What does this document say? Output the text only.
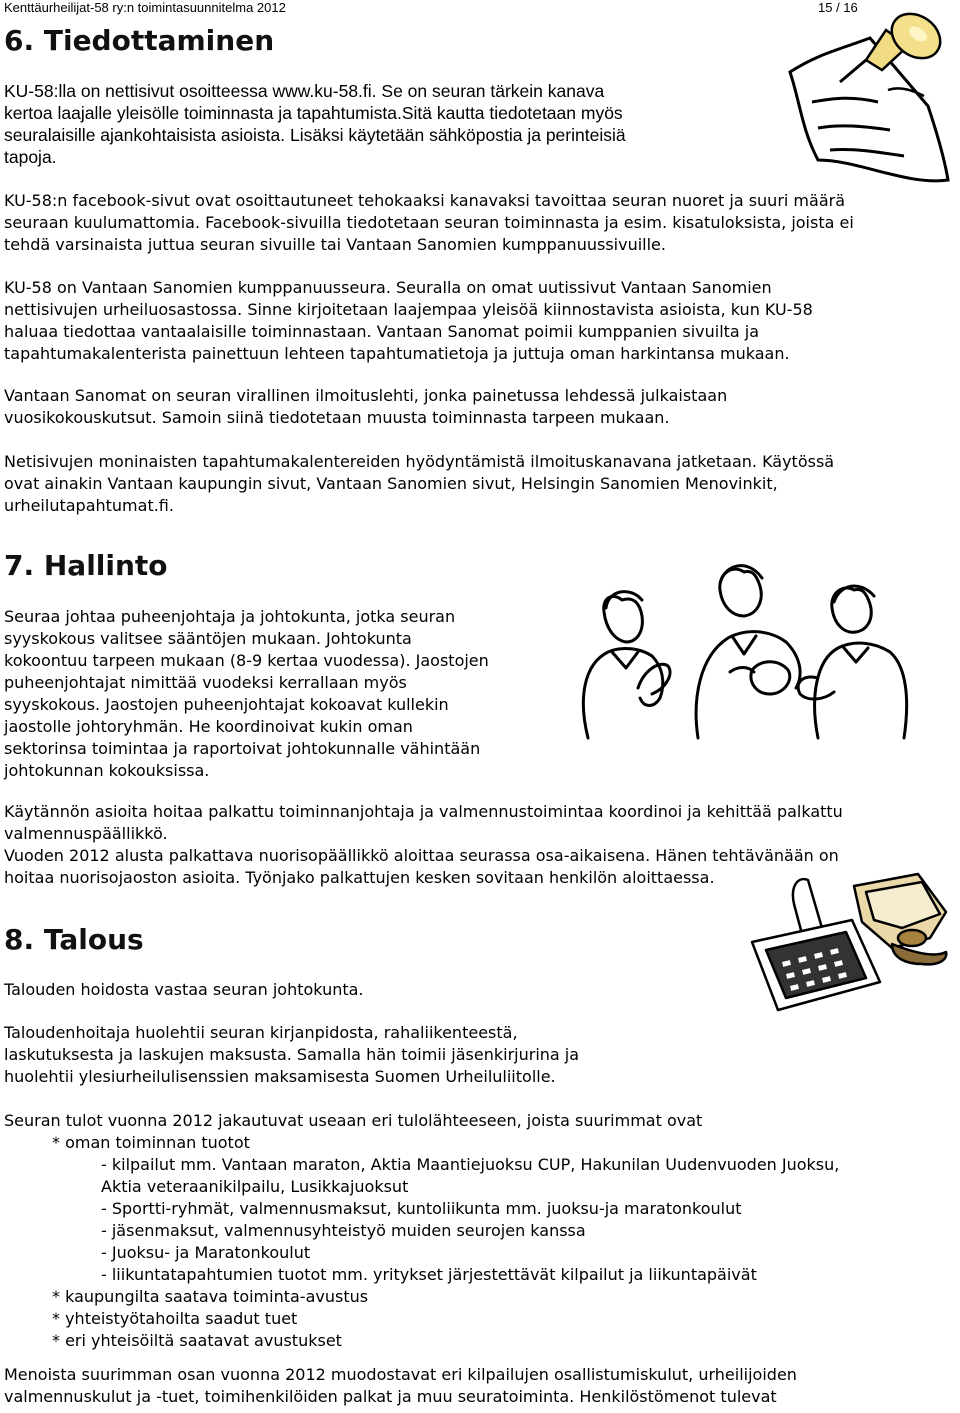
Kenttäurheilijat-58 ry:n toimintasuunnitelma 2012	15 / 16
6. Tiedottaminen

KU-58:lla on nettisivut osoitteessa www.ku-58.fi. Se on seuran tärkein kanava

kertoa laajalle yleisölle toiminnasta ja tapahtumista.Sitä kautta tiedotetaan myös

seuralaisille ajankohtaisista asioista. Lisäksi käytetään sähköpostia ja perinteisiä

tapoja.

KU-58:n facebook-sivut ovat osoittautuneet tehokaaksi kanavaksi tavoittaa seuran nuoret ja suuri määrä

seuraan kuulumattomia. Facebook-sivuilla tiedotetaan seuran toiminnasta ja esim. kisatuloksista, joista ei

tehdä varsinaista juttua seuran sivuille tai Vantaan Sanomien kumppanuussivuille.

KU-58 on Vantaan Sanomien kumppanuusseura. Seuralla on omat uutissivut Vantaan Sanomien

nettisivujen urheiluosastossa. Sinne kirjoitetaan laajempaa yleisöä kiinnostavista asioista, kun KU-58

haluaa tiedottaa vantaalaisille toiminnastaan. Vantaan Sanomat poimii kumppanien sivuilta ja

tapahtumakalenterista painettuun lehteen tapahtumatietoja ja juttuja oman harkintansa mukaan.

Vantaan Sanomat on seuran virallinen ilmoituslehti, jonka painetussa lehdessä julkaistaan

vuosikokouskutsut. Samoin siinä tiedotetaan muusta toiminnasta tarpeen mukaan.

Netisivujen moninaisten tapahtumakalentereiden hyödyntämistä ilmoituskanavana jatketaan. Käytössä

ovat ainakin Vantaan kaupungin sivut, Vantaan Sanomien sivut, Helsingin Sanomien Menovinkit,

urheilutapahtumat.fi.

7. Hallinto

Seuraa johtaa puheenjohtaja ja johtokunta, jotka seuran

syyskokous valitsee sääntöjen mukaan. Johtokunta

kokoontuu tarpeen mukaan (8-9 kertaa vuodessa). Jaostojen

puheenjohtajat nimittää vuodeksi kerrallaan myös

syyskokous. Jaostojen puheenjohtajat kokoavat kullekin

jaostolle johtoryhmän. He koordinoivat kukin oman

sektorinsa toimintaa ja raportoivat johtokunnalle vähintään

johtokunnan kokouksissa.

Käytännön asioita hoitaa palkattu toiminnanjohtaja ja valmennustoimintaa koordinoi ja kehittää palkattu

valmennuspäällikkö.

Vuoden 2012 alusta palkattava nuorisopäällikkö aloittaa seurassa osa-aikaisena. Hänen tehtävänään on

hoitaa nuorisojaoston asioita. Työnjako palkattujen kesken sovitaan henkilön aloittaessa.

8. Talous

Talouden hoidosta vastaa seuran johtokunta.

Taloudenhoitaja huolehtii seuran kirjanpidosta, rahaliikenteestä,

laskutuksesta ja laskujen maksusta. Samalla hän toimii jäsenkirjurina ja

huolehtii ylesiurheilulisenssien maksamisesta Suomen Urheiluliitolle.

Seuran tulot vuonna 2012 jakautuvat useaan eri tulolähteeseen, joista suurimmat ovat

* oman toiminnan tuotot

- kilpailut mm. Vantaan maraton, Aktia Maantiejuoksu CUP, Hakunilan Uudenvuoden Juoksu,

Aktia veteraanikilpailu, Lusikkajuoksut

- Sportti-ryhmät, valmennusmaksut, kuntoliikunta mm. juoksu-ja maratonkoulut

- jäsenmaksut, valmennusyhteistyö muiden seurojen kanssa

- Juoksu- ja Maratonkoulut

- liikuntatapahtumien tuotot mm. yritykset järjestettävät kilpailut ja liikuntapäivät

* kaupungilta saatava toiminta-avustus

* yhteistyötahoilta saadut tuet

* eri yhteisöiltä saatavat avustukset

Menoista suurimman osan vuonna 2012 muodostavat eri kilpailujen osallistumiskulut, urheilijoiden

valmennuskulut ja -tuet, toimihenkilöiden palkat ja muu seuratoiminta. Henkilöstömenot tulevat
